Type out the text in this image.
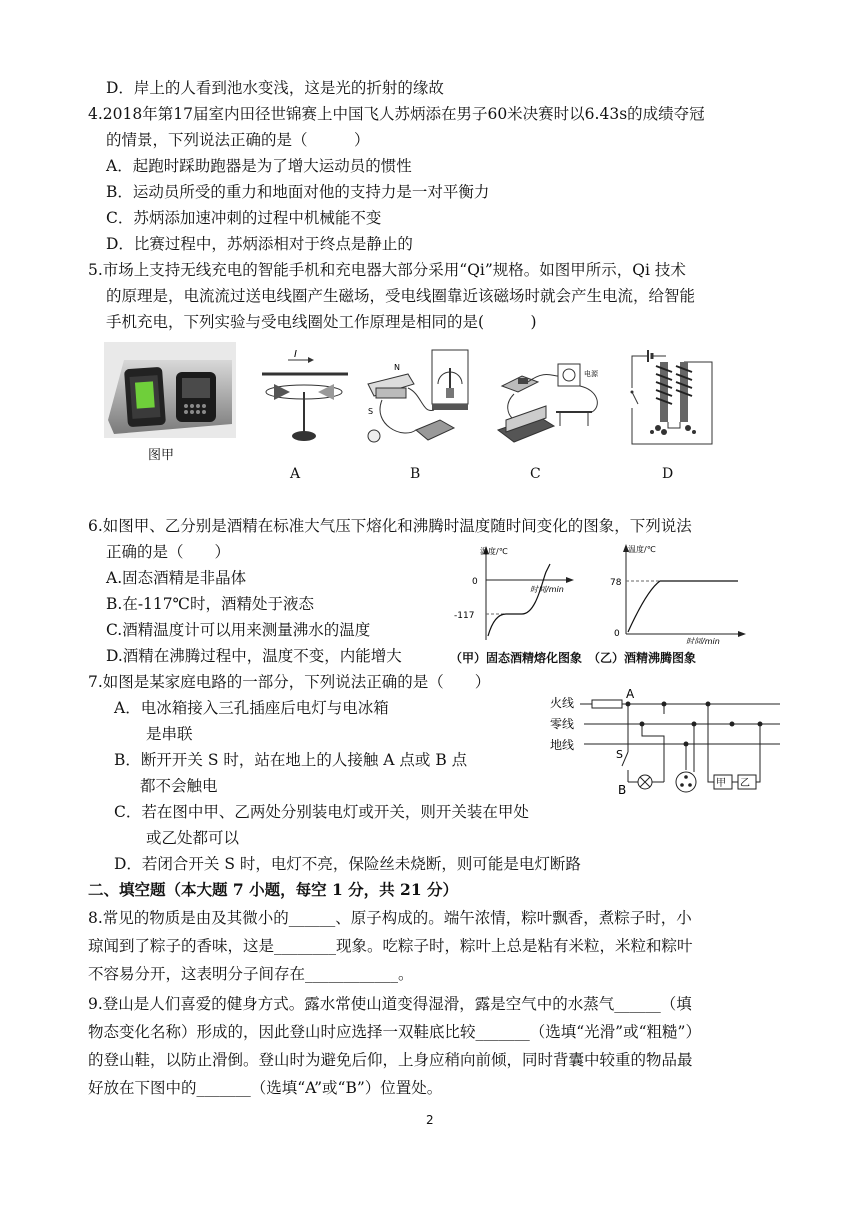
D．岸上的人看到池水变浅，这是光的折射的缘故
4.2018年第17届室内田径世锦赛上中国飞人苏炳添在男子60米决赛时以6.43s的成绩夺冠
的情景，下列说法正确的是（　　　）
A．起跑时踩助跑器是为了增大运动员的惯性
B．运动员所受的重力和地面对他的支持力是一对平衡力
C．苏炳添加速冲刺的过程中机械能不变
D．比赛过程中，苏炳添相对于终点是静止的
5.市场上支持无线充电的智能手机和充电器大部分采用“Qi”规格。如图甲所示，Qi 技术
的原理是，电流流过送电线圈产生磁场，受电线圈靠近该磁场时就会产生电流，给智能
手机充电，下列实验与受电线圈处工作原理是相同的是(　　　)
图甲
I
A
N
S
B
电源
C	D
6.如图甲、乙分别是酒精在标准大气压下熔化和沸腾时温度随时间变化的图象，下列说法
正确的是（　　）
A.固态酒精是非晶体
B.在-117℃时，酒精处于液态
C.酒精温度计可以用来测量沸水的温度
D.酒精在沸腾过程中，温度不变，内能增大
温度/℃
时间/min
0
-117
温度/℃
时间/min
0
78
（甲）固态酒精熔化图象　（乙）酒精沸腾图象
7.如图是某家庭电路的一部分，下列说法正确的是（　　）
A．电冰箱接入三孔插座后电灯与电冰箱
是串联
B．断开开关 S 时，站在地上的人接触 A 点或 B 点
都不会触电
C．若在图中甲、乙两处分别装电灯或开关，则开关装在甲处
或乙处都可以
D．若闭合开关 S 时，电灯不亮，保险丝未烧断，则可能是电灯断路
火线
零线
地线
A
S
B	甲 乙
二、填空题（本大题 7 小题，每空 1 分，共 21 分）
8.常见的物质是由及其微小的______、原子构成的。端午浓情，粽叶飘香，煮粽子时，小
琼闻到了粽子的香味，这是________现象。吃粽子时，粽叶上总是粘有米粒，米粒和粽叶
不容易分开，这表明分子间存在____________。
9.登山是人们喜爱的健身方式。露水常使山道变得湿滑，露是空气中的水蒸气______（填
物态变化名称）形成的，因此登山时应选择一双鞋底比较_______（选填“光滑”或“粗糙”）
的登山鞋，以防止滑倒。登山时为避免后仰，上身应稍向前倾，同时背囊中较重的物品最
好放在下图中的_______（选填“A”或“B”）位置处。
2
